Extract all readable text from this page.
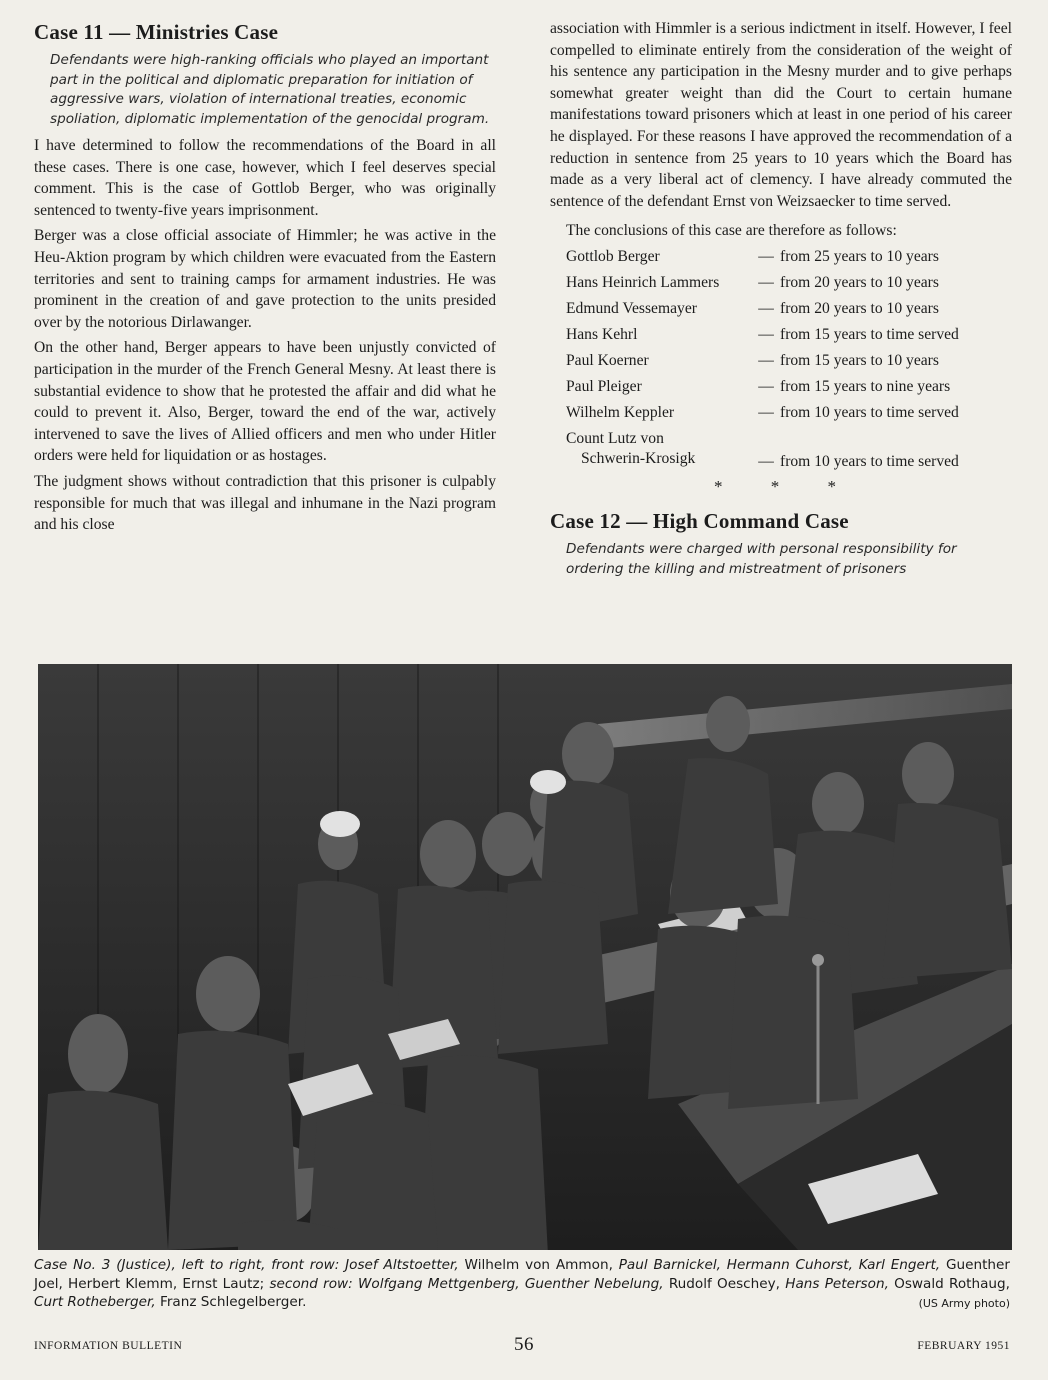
Case 11 — Ministries Case

Defendants were high-ranking officials who played an important part in the political and diplomatic preparation for initiation of aggressive wars, violation of international treaties, economic spoliation, diplomatic implementation of the genocidal program.

I have determined to follow the recommendations of the Board in all these cases. There is one case, however, which I feel deserves special comment. This is the case of Gottlob Berger, who was originally sentenced to twenty-five years imprisonment.

Berger was a close official associate of Himmler; he was active in the Heu-Aktion program by which children were evacuated from the Eastern territories and sent to training camps for armament industries. He was prominent in the creation of and gave protection to the units presided over by the notorious Dirlawanger.

On the other hand, Berger appears to have been unjustly convicted of participation in the murder of the French General Mesny. At least there is substantial evidence to show that he protested the affair and did what he could to prevent it. Also, Berger, toward the end of the war, actively intervened to save the lives of Allied officers and men who under Hitler orders were held for liquidation or as hostages.

The judgment shows without contradiction that this prisoner is culpably responsible for much that was illegal and inhumane in the Nazi program and his close

association with Himmler is a serious indictment in itself. However, I feel compelled to eliminate entirely from the consideration of the weight of his sentence any participation in the Mesny murder and to give perhaps somewhat greater weight than did the Court to certain humane manifestations toward prisoners which at least in one period of his career he displayed. For these reasons I have approved the recommendation of a reduction in sentence from 25 years to 10 years which the Board has made as a very liberal act of clemency. I have already commuted the sentence of the defendant Ernst von Weizsaecker to time served.

The conclusions of this case are therefore as follows:

Gottlob Berger	— from 25 years to 10 years
Hans Heinrich Lammers	— from 20 years to 10 years
Edmund Vessemayer	— from 20 years to 10 years
Hans Kehrl	— from 15 years to time served
Paul Koerner	— from 15 years to 10 years
Paul Pleiger	— from 15 years to nine years
Wilhelm Keppler	— from 10 years to time served
Count Lutz von
Schwerin-Krosigk	— from 10 years to time served
* * *
Case 12 — High Command Case

Defendants were charged with personal responsibility for ordering the killing and mistreatment of prisoners

Case No. 3 (Justice), left to right, front row: Josef Altstoetter, Wilhelm von Ammon, Paul Barnickel, Hermann Cuhorst, Karl Engert, Guenther Joel, Herbert Klemm, Ernst Lautz; second row: Wolfgang Mettgenberg, Guenther Nebelung, Rudolf Oeschey, Hans Peterson, Oswald Rothaug, Curt Rotheberger, Franz Schlegelberger.	(US Army photo)
INFORMATION BULLETIN	56	FEBRUARY 1951
